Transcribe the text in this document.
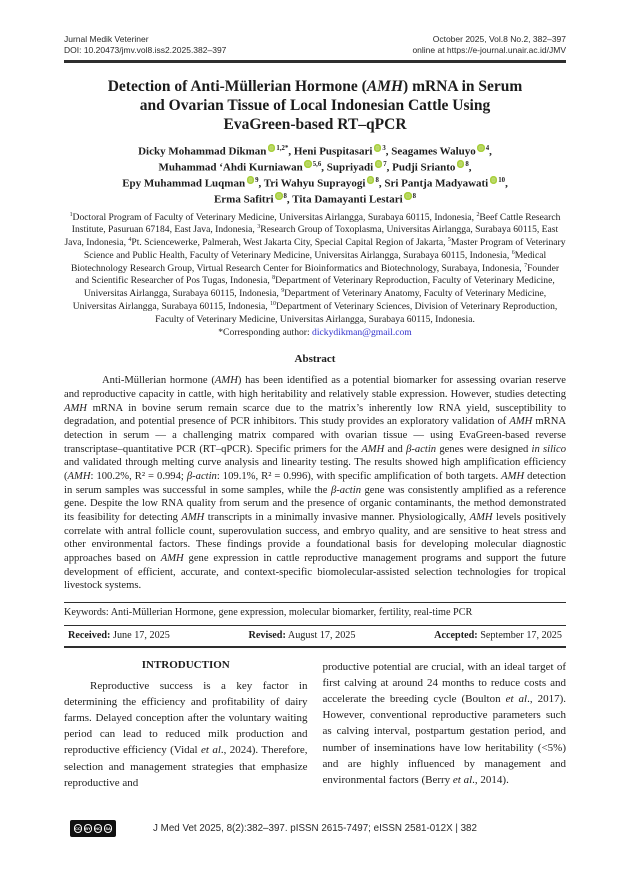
Jurnal Medik Veteriner
DOI: 10.20473/jmv.vol8.iss2.2025.382–397
October 2025, Vol.8 No.2, 382–397
online at https://e-journal.unair.ac.id/JMV
Detection of Anti-Müllerian Hormone (AMH) mRNA in Serum
and Ovarian Tissue of Local Indonesian Cattle Using
EvaGreen-based RT–qPCR
Dicky Mohammad Dikman $^{1,2*}$, Heni Puspitasari $^3$, Seagames Waluyo $^4$,
Muhammad ‘Ahdi Kurniawan $^{5,6}$, Supriyadi $^7$, Pudji Srianto $^8$,
Epy Muhammad Luqman $^9$, Tri Wahyu Suprayogi $^8$, Sri Pantja Madyawati $^{10}$,
Erma Safitri $^8$, Tita Damayanti Lestari $^8$
$^1$Doctoral Program of Faculty of Veterinary Medicine, Universitas Airlangga, Surabaya 60115, Indonesia, $^2$Beef Cattle Research Institute, Pasuruan 67184, East Java, Indonesia, $^3$Research Group of Toxoplasma, Universitas Airlangga, Surabaya 60115, East Java, Indonesia, $^4$Pt. Sciencewerke, Palmerah, West Jakarta City, Special Capital Region of Jakarta, $^5$Master Program of Veterinary Science and Public Health, Faculty of Veterinary Medicine, Universitas Airlangga, Surabaya 60115, Indonesia, $^6$Medical Biotechnology Research Group, Virtual Research Center for Bioinformatics and Biotechnology, Surabaya, Indonesia, $^7$Founder and Scientific Researcher of Pos Tugas, Indonesia, $^8$Department of Veterinary Reproduction, Faculty of Veterinary Medicine, Universitas Airlangga, Surabaya 60115, Indonesia, $^9$Department of Veterinary Anatomy, Faculty of Veterinary Medicine, Universitas Airlangga, Surabaya 60115, Indonesia, $^{10}$Department of Veterinary Sciences, Division of Veterinary Reproduction, Faculty of Veterinary Medicine, Universitas Airlangga, Surabaya 60115, Indonesia.
*Corresponding author: dickydikman@gmail.com
Abstract

Anti-Müllerian hormone (AMH) has been identified as a potential biomarker for assessing ovarian reserve and reproductive capacity in cattle, with high heritability and relatively stable expression. However, studies detecting AMH mRNA in bovine serum remain scarce due to the matrix’s inherently low RNA yield, susceptibility to degradation, and potential presence of PCR inhibitors. This study provides an exploratory validation of AMH mRNA detection in serum — a challenging matrix compared with ovarian tissue — using EvaGreen-based reverse transcriptase–quantitative PCR (RT–qPCR). Specific primers for the AMH and β-actin genes were designed in silico and validated through melting curve analysis and linearity testing. The results showed high amplification efficiency (AMH: 100.2%, R² = 0.994; β-actin: 109.1%, R² = 0.996), with specific amplification of both targets. AMH detection in serum samples was successful in some samples, while the β-actin gene was consistently amplified as a reference gene. Despite the low RNA quality from serum and the presence of organic contaminants, the method demonstrated its feasibility for detecting AMH transcripts in a minimally invasive manner. Physiologically, AMH levels positively correlate with antral follicle count, superovulation success, and embryo quality, and are sensitive to heat stress and other environmental factors. These findings provide a foundational basis for developing molecular diagnostic approaches based on AMH gene expression in cattle reproductive management programs and support the future development of efficient, accurate, and context-specific biomolecular-assisted selection technologies for tropical livestock systems.

Keywords: Anti-Müllerian Hormone, gene expression, molecular biomarker, fertility, real-time PCR
Received: June 17, 2025	Revised: August 17, 2025	Accepted: September 17, 2025
INTRODUCTION

Reproductive success is a key factor in determining the efficiency and profitability of dairy farms. Delayed conception after the voluntary waiting period can lead to reduced milk production and reproductive efficiency (Vidal et al., 2024). Therefore, selection and management strategies that emphasize reproductive and

productive potential are crucial, with an ideal target of first calving at around 24 months to reduce costs and accelerate the breeding cycle (Boulton et al., 2017). However, conventional reproductive parameters such as calving interval, postpartum gestation period, and number of inseminations have low heritability (<5%) and are highly influenced by management and environmental factors (Berry et al., 2014).

CC	BY	NC	SA	J Med Vet 2025, 8(2):382–397. pISSN 2615-7497; eISSN 2581-012X | 382
